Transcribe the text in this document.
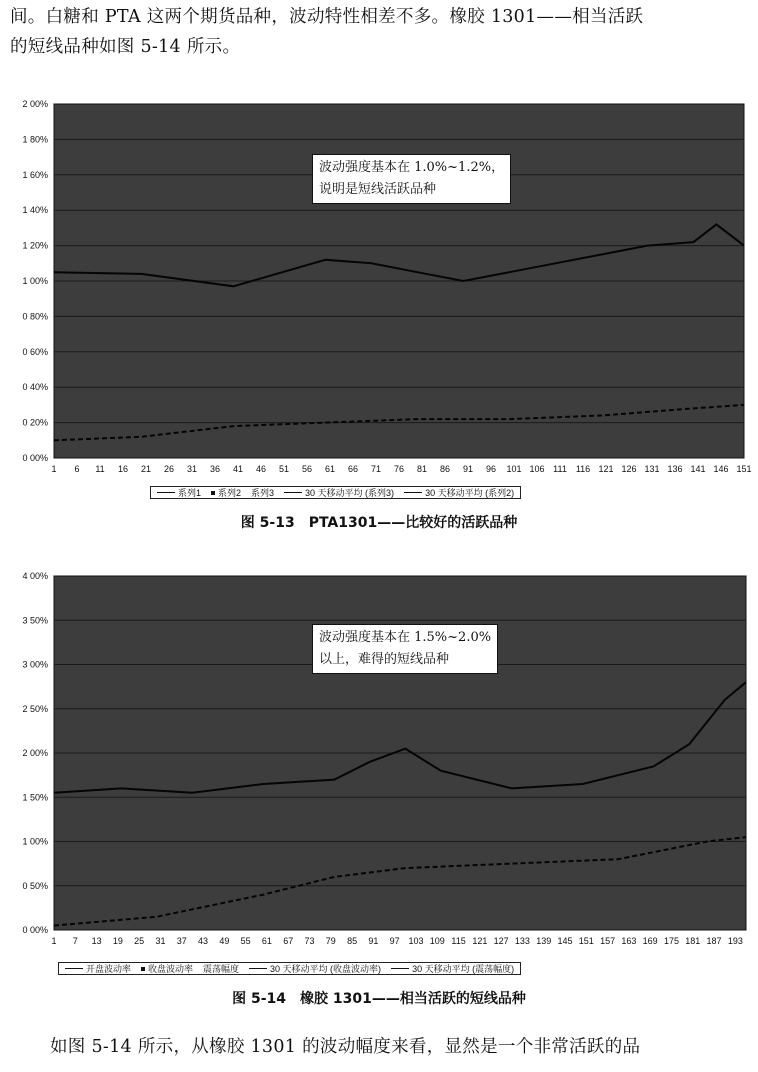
间。白糖和 PTA 这两个期货品种，波动特性相差不多。橡胶 1301——相当活跃
的短线品种如图 5-14 所示。

0 00%
0 20%
0 40%
0 60%
0 80%
1 00%
1 20%
1 40%
1 60%
1 80%
2 00%
1 6 11 16 21 26 31 36 41 46 51 56 61 66 71 76 81 86 91 96 101 106 111 116 121 126 131 136 141 146 151
波动强度基本在 1.0%~1.2%，
说明是短线活跃品种
系列1 系列2 系列3	30 天移动平均 (系列3)	30 天移动平均 (系列2)
图 5-13　PTA1301——比较好的活跃品种
0 00%
0 50%
1 00%
1 50%
2 00%
2 50%
3 00%
3 50%
4 00%
1 7 13 19 25 31 37 43 49 55 61 67 73 79 85 91 97 103 109 115 121 127 133 139 145 151 157 163 169 175 181 187 193
波动强度基本在 1.5%~2.0%
以上，难得的短线品种
开盘波动率 收盘波动率 震荡幅度	30 天移动平均 (收盘波动率)	30 天移动平均 (震荡幅度)
图 5-14　橡胶 1301——相当活跃的短线品种

如图 5-14 所示，从橡胶 1301 的波动幅度来看，显然是一个非常活跃的品
